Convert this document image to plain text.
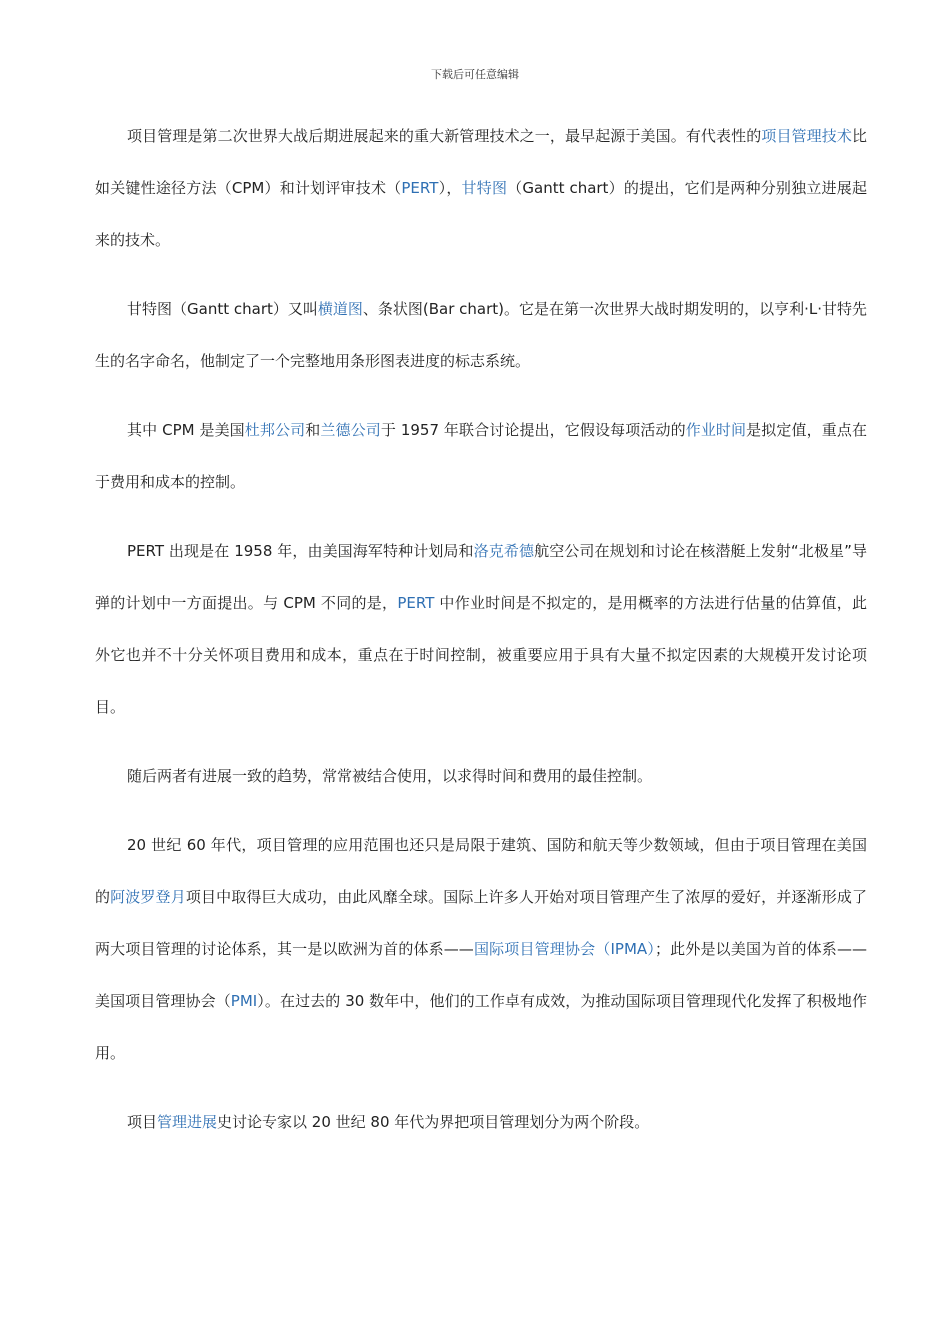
下载后可任意编辑

项目管理是第二次世界大战后期进展起来的重大新管理技术之一，最早起源于美国。有代表性的项目管理技术比如关键性途径方法（CPM）和计划评审技术（PERT），甘特图（Gantt chart）的提出，它们是两种分别独立进展起来的技术。

甘特图（Gantt chart）又叫横道图、条状图(Bar chart)。它是在第一次世界大战时期发明的，以亨利·L·甘特先生的名字命名，他制定了一个完整地用条形图表进度的标志系统。

其中 CPM 是美国杜邦公司和兰德公司于 1957 年联合讨论提出，它假设每项活动的作业时间是拟定值，重点在于费用和成本的控制。

PERT 出现是在 1958 年，由美国海军特种计划局和洛克希德航空公司在规划和讨论在核潜艇上发射“北极星”导弹的计划中一方面提出。与 CPM 不同的是，PERT 中作业时间是不拟定的，是用概率的方法进行估量的估算值，此外它也并不十分关怀项目费用和成本，重点在于时间控制，被重要应用于具有大量不拟定因素的大规模开发讨论项目。

随后两者有进展一致的趋势，常常被结合使用，以求得时间和费用的最佳控制。

20 世纪 60 年代，项目管理的应用范围也还只是局限于建筑、国防和航天等少数领域，但由于项目管理在美国的阿波罗登月项目中取得巨大成功，由此风靡全球。国际上许多人开始对项目管理产生了浓厚的爱好，并逐渐形成了两大项目管理的讨论体系，其一是以欧洲为首的体系——国际项目管理协会（IPMA）；此外是以美国为首的体系——美国项目管理协会（PMI）。在过去的 30 数年中，他们的工作卓有成效，为推动国际项目管理现代化发挥了积极地作用。

项目管理进展史讨论专家以 20 世纪 80 年代为界把项目管理划分为两个阶段。
